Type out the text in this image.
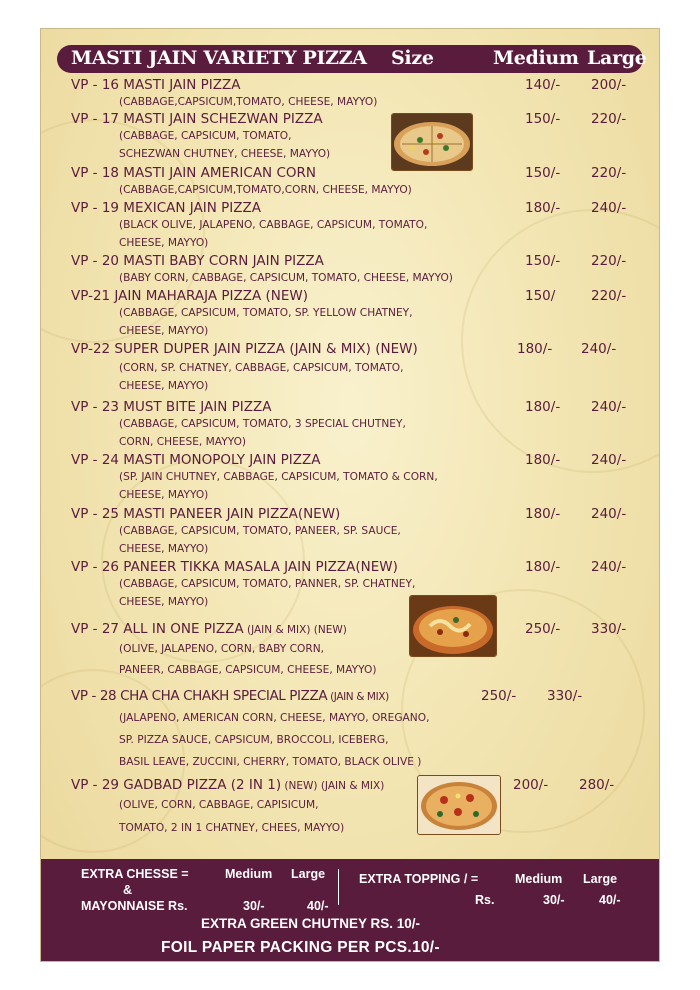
MASTI JAIN VARIETY PIZZA Size	Medium Large
VP - 16 MASTI JAIN PIZZA	140/- 200/-
(CABBAGE,CAPSICUM,TOMATO, CHEESE, MAYYO)
VP - 17 MASTI JAIN SCHEZWAN PIZZA	150/- 220/-
(CABBAGE, CAPSICUM, TOMATO,
SCHEZWAN CHUTNEY, CHEESE, MAYYO)
VP - 18 MASTI JAIN AMERICAN CORN	150/- 220/-
(CABBAGE,CAPSICUM,TOMATO,CORN, CHEESE, MAYYO)
VP - 19 MEXICAN JAIN PIZZA	180/- 240/-
(BLACK OLIVE, JALAPENO, CABBAGE, CAPSICUM, TOMATO,
CHEESE, MAYYO)
VP - 20 MASTI BABY CORN JAIN PIZZA	150/- 220/-
(BABY CORN, CABBAGE, CAPSICUM, TOMATO, CHEESE, MAYYO)
VP-21 JAIN MAHARAJA PIZZA (NEW)	150/	220/-
(CABBAGE, CAPSICUM, TOMATO, SP. YELLOW CHATNEY,
CHEESE, MAYYO)
VP-22 SUPER DUPER JAIN PIZZA (JAIN & MIX) (NEW)	180/- 240/-
(CORN, SP. CHATNEY, CABBAGE, CAPSICUM, TOMATO,
CHEESE, MAYYO)
VP - 23 MUST BITE JAIN PIZZA	180/- 240/-
(CABBAGE, CAPSICUM, TOMATO, 3 SPECIAL CHUTNEY,
CORN, CHEESE, MAYYO)
VP - 24 MASTI MONOPOLY JAIN PIZZA	180/- 240/-
(SP. JAIN CHUTNEY, CABBAGE, CAPSICUM, TOMATO & CORN,
CHEESE, MAYYO)
VP - 25 MASTI PANEER JAIN PIZZA(NEW)	180/- 240/-
(CABBAGE, CAPSICUM, TOMATO, PANEER, SP. SAUCE,
CHEESE, MAYYO)
VP - 26 PANEER TIKKA MASALA JAIN PIZZA(NEW)	180/- 240/-
(CABBAGE, CAPSICUM, TOMATO, PANNER, SP. CHATNEY,
CHEESE, MAYYO)
VP - 27 ALL IN ONE PIZZA (JAIN & MIX) (NEW)	250/- 330/-
(OLIVE, JALAPENO, CORN, BABY CORN,
PANEER, CABBAGE, CAPSICUM, CHEESE, MAYYO)
VP - 28 CHA CHA CHAKH SPECIAL PIZZA (JAIN & MIX)	250/- 330/-
(JALAPENO, AMERICAN CORN, CHEESE, MAYYO, OREGANO,
SP. PIZZA SAUCE, CAPSICUM, BROCCOLI, ICEBERG,
BASIL LEAVE, ZUCCINI, CHERRY, TOMATO, BLACK OLIVE )
VP - 29 GADBAD PIZZA (2 IN 1) (NEW) (JAIN & MIX)	200/- 280/-
(OLIVE, CORN, CABBAGE, CAPISICUM,
TOMATO, 2 IN 1 CHATNEY, CHEES, MAYYO)
EXTRA CHESSE =
&
MAYONNAISE Rs.
Medium Large
30/-	40/-
EXTRA TOPPING / =
Rs.
Medium Large
30/-	40/-
EXTRA GREEN CHUTNEY RS. 10/-
FOIL PAPER PACKING PER PCS.10/-
